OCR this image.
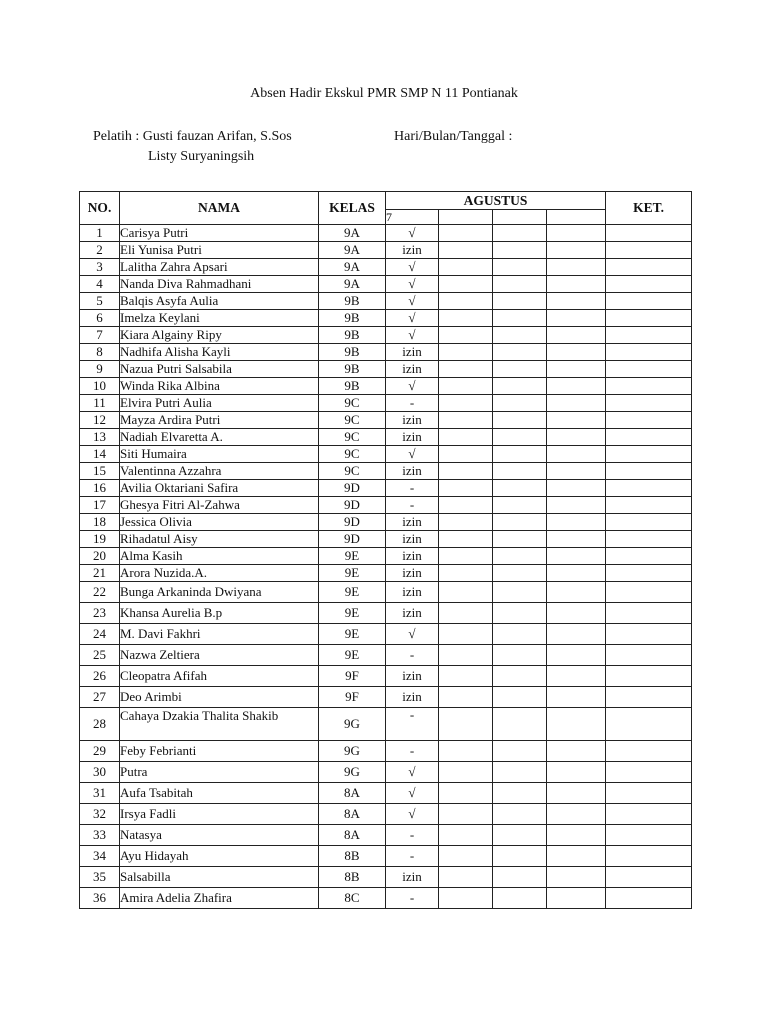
Absen Hadir Ekskul PMR SMP N 11 Pontianak
Pelatih : Gusti fauzan Arifan, S.Sos
Listy Suryaningsih
Hari/Bulan/Tanggal :
NO.	NAMA	KELAS	AGUSTUS				KET.
			7				
1	Carisya Putri	9A	√				
2	Eli Yunisa Putri	9A	izin				
3	Lalitha Zahra Apsari	9A	√				
4	Nanda Diva Rahmadhani	9A	√				
5	Balqis Asyfa Aulia	9B	√				
6	Imelza Keylani	9B	√				
7	Kiara Algainy Ripy	9B	√				
8	Nadhifa Alisha Kayli	9B	izin				
9	Nazua Putri Salsabila	9B	izin				
10	Winda Rika Albina	9B	√				
11	Elvira Putri Aulia	9C	-				
12	Mayza Ardira Putri	9C	izin				
13	Nadiah Elvaretta A.	9C	izin				
14	Siti Humaira	9C	√				
15	Valentinna Azzahra	9C	izin				
16	Avilia Oktariani Safira	9D	-				
17	Ghesya Fitri Al-Zahwa	9D	-				
18	Jessica Olivia	9D	izin				
19	Rihadatul Aisy	9D	izin				
20	Alma Kasih	9E	izin				
21	Arora Nuzida.A.	9E	izin				
22	Bunga Arkaninda Dwiyana	9E	izin				
23	Khansa Aurelia B.p	9E	izin				
24	M. Davi Fakhri	9E	√				
25	Nazwa Zeltiera	9E	-				
26	Cleopatra Afifah	9F	izin				
27	Deo Arimbi	9F	izin				
28	Cahaya Dzakia Thalita Shakib	9G	-				
29	Feby Febrianti	9G	-				
30	Putra	9G	√				
31	Aufa Tsabitah	8A	√				
32	Irsya Fadli	8A	√				
33	Natasya	8A	-				
34	Ayu Hidayah	8B	-				
35	Salsabilla	8B	izin				
36	Amira Adelia Zhafira	8C	-				
